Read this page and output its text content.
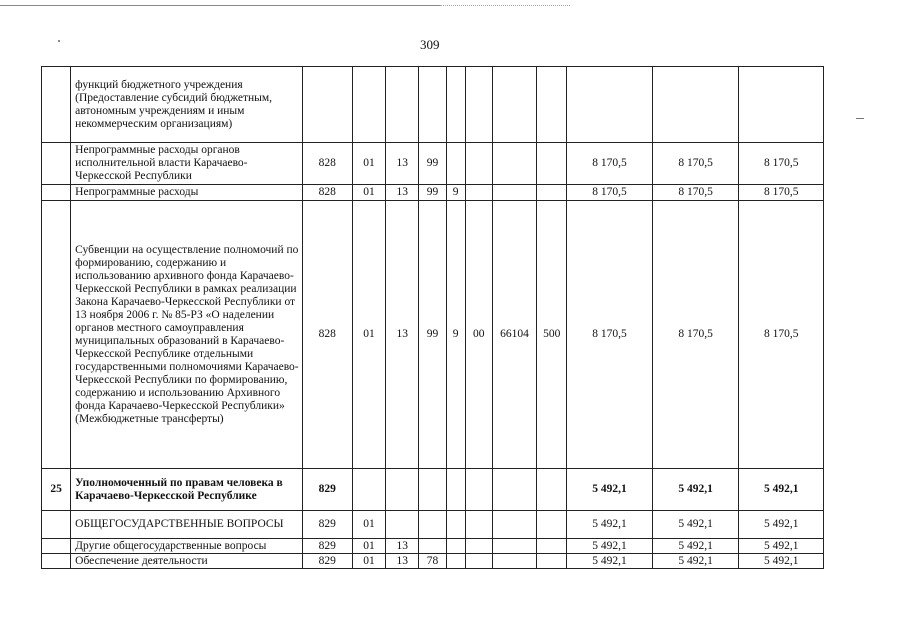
309
	функций бюджетного учреждения (Предоставление субсидий бюджетным, автономным учреждениям и иным некоммерческим организациям)											
	Непрограммные расходы органов исполнительной власти Карачаево-Черкесской Республики	828	01	13	99					8 170,5	8 170,5	8 170,5
	Непрограммные расходы	828	01	13	99	9				8 170,5	8 170,5	8 170,5
	Субвенции на осуществление полномочий по формированию, содержанию и использованию архивного фонда Карачаево-Черкесской Республики в рамках реализации Закона Карачаево-Черкесской Республики от 13 ноября 2006 г. № 85-РЗ «О наделении органов местного самоуправления муниципальных образований в Карачаево-Черкесской Республике отдельными государственными полномочиями Карачаево-Черкесской Республики по формированию, содержанию и использованию Архивного фонда Карачаево-Черкесской Республики» (Межбюджетные трансферты)	828	01	13	99	9	00	66104	500	8 170,5	8 170,5	8 170,5
25	Уполномоченный по правам человека в Карачаево-Черкесской Республике	829								5 492,1	5 492,1	5 492,1
	ОБЩЕГОСУДАРСТВЕННЫЕ ВОПРОСЫ	829	01							5 492,1	5 492,1	5 492,1
	Другие общегосударственные вопросы	829	01	13						5 492,1	5 492,1	5 492,1
	Обеспечение деятельности	829	01	13	78					5 492,1	5 492,1	5 492,1
